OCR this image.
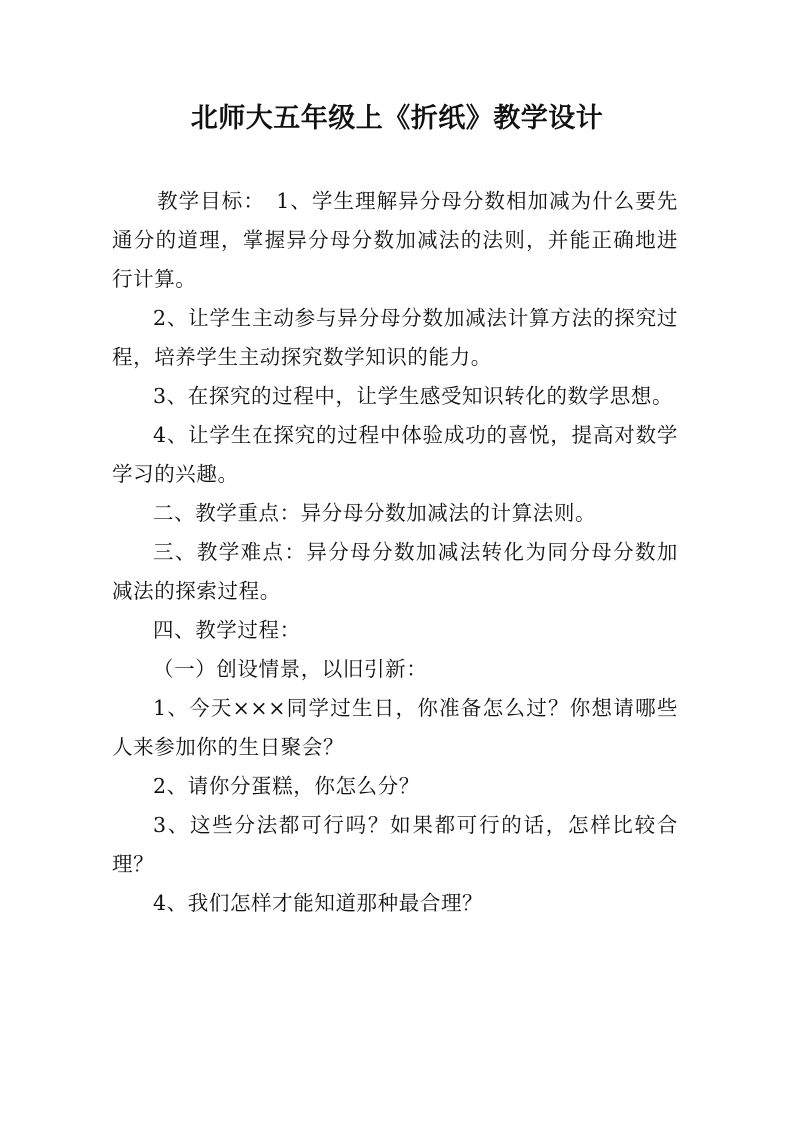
北师大五年级上《折纸》教学设计

教学目标：　1、学生理解异分母分数相加减为什么要先通分的道理，掌握异分母分数加减法的法则，并能正确地进行计算。

2、让学生主动参与异分母分数加减法计算方法的探究过程，培养学生主动探究数学知识的能力。

3、在探究的过程中，让学生感受知识转化的数学思想。

4、让学生在探究的过程中体验成功的喜悦，提高对数学学习的兴趣。

二、教学重点：异分母分数加减法的计算法则。

三、教学难点：异分母分数加减法转化为同分母分数加减法的探索过程。

四、教学过程：

（一）创设情景，以旧引新：

1、今天×××同学过生日，你准备怎么过？你想请哪些人来参加你的生日聚会？

2、请你分蛋糕，你怎么分？

3、这些分法都可行吗？如果都可行的话，怎样比较合理？

4、我们怎样才能知道那种最合理？
